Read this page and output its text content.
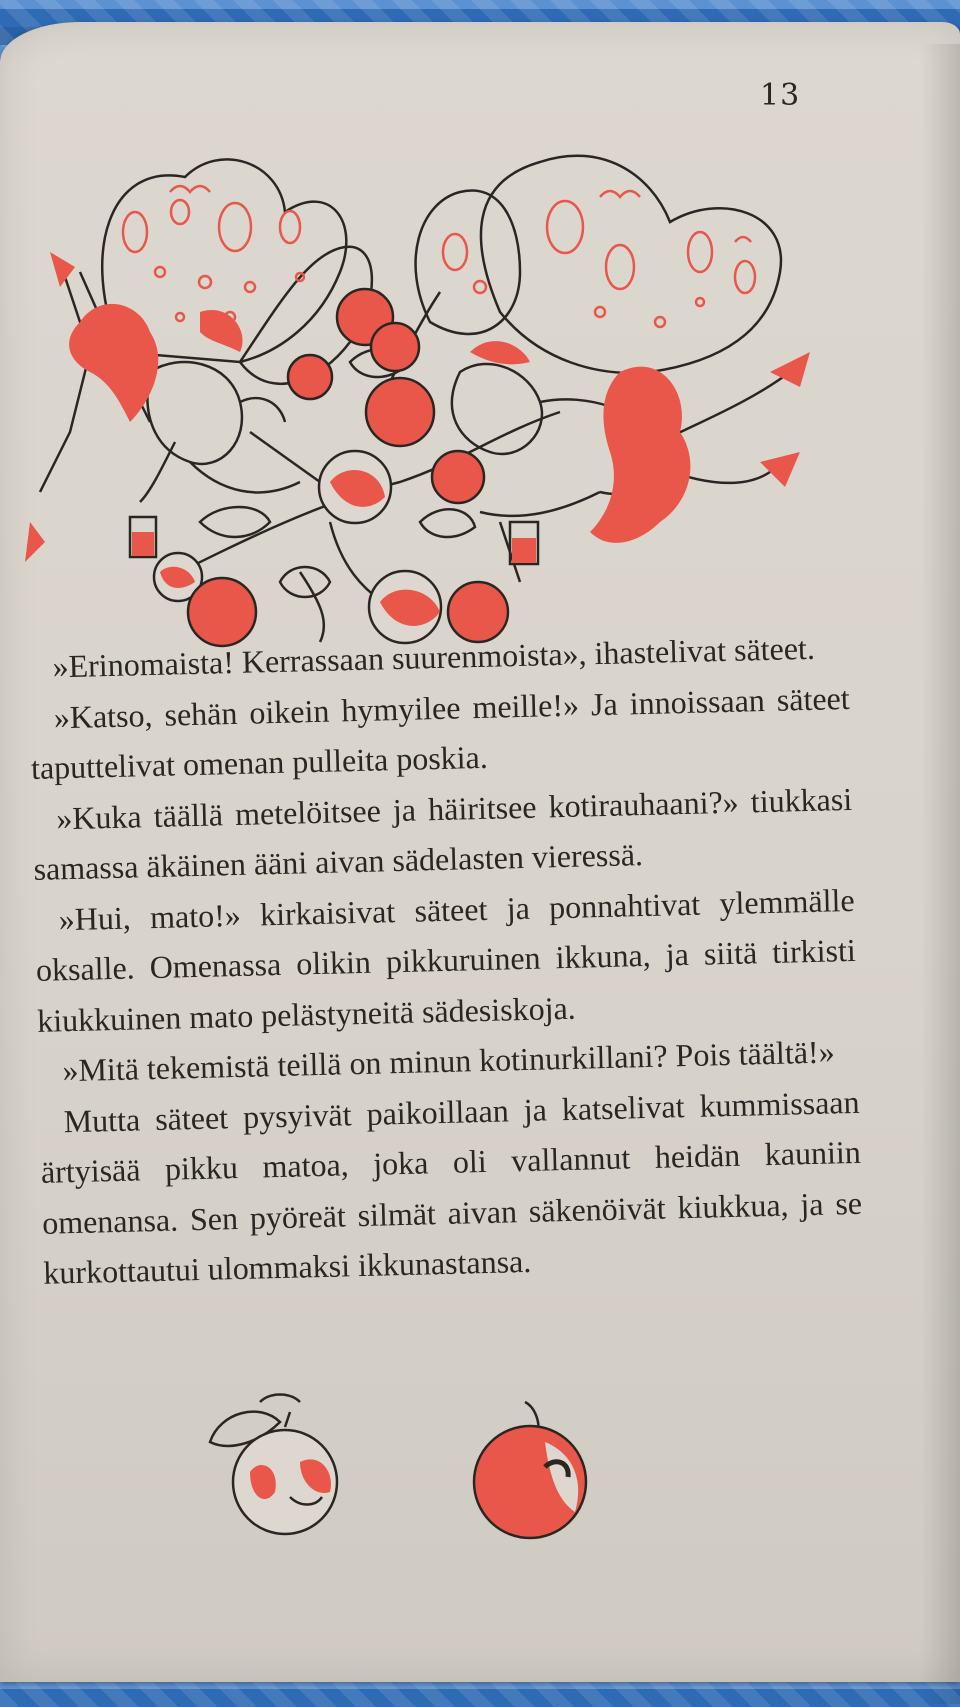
13

»Erinomaista! Kerrassaan suurenmoista», ihastelivat säteet.

»Katso, sehän oikein hymyilee meille!» Ja innoissaan säteet taputtelivat omenan pulleita poskia.

»Kuka täällä metelöitsee ja häiritsee kotirauhaani?» tiukkasi samassa äkäinen ääni aivan sädelasten vieressä.

»Hui, mato!» kirkaisivat säteet ja ponnahtivat ylemmälle oksalle. Omenassa olikin pikkuruinen ikkuna, ja siitä tirkisti kiukkuinen mato pelästyneitä sädesiskoja.

»Mitä tekemistä teillä on minun kotinurkillani? Pois täältä!»

Mutta säteet pysyivät paikoillaan ja katselivat kummissaan ärtyisää pikku matoa, joka oli vallannut heidän kauniin omenansa. Sen pyöreät silmät aivan säkenöivät kiukkua, ja se kurkottautui ulommaksi ikkunastansa.
